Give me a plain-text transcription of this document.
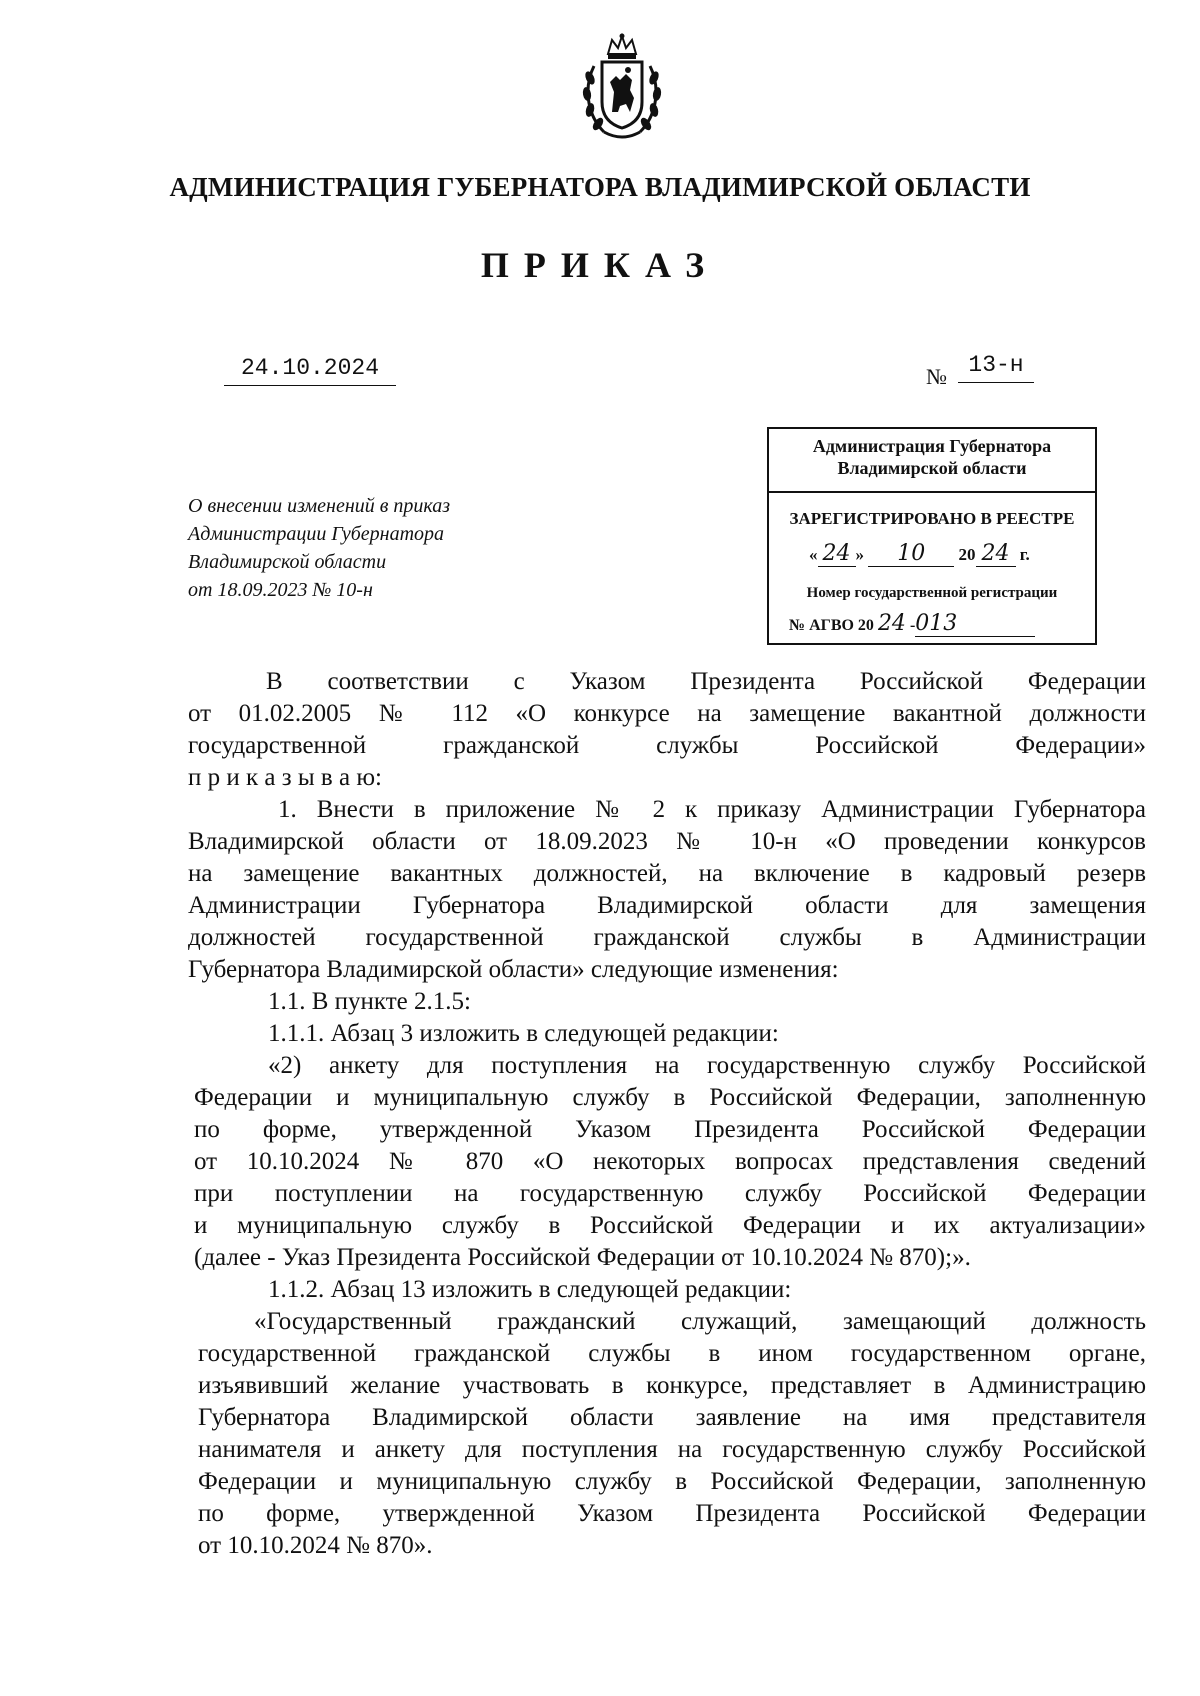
АДМИНИСТРАЦИЯ ГУБЕРНАТОРА ВЛАДИМИРСКОЙ ОБЛАСТИ
ПРИКАЗ
24.10.2024	№ 13-н
Администрация Губернатора
Владимирской области
ЗАРЕГИСТРИРОВАНО В РЕЕСТРЕ
« 24 » 10 20 24 г.
Номер государственной регистрации
№ АГВО 20 24 -013
О внесении изменений в приказ
Администрации Губернатора
Владимирской области
от 18.09.2023 № 10-н
В соответствии с Указом Президента Российской Федерации
от 01.02.2005 № 112 «О конкурсе на замещение вакантной должности
государственной гражданской службы Российской Федерации»
п р и к а з ы в а ю:
1. Внести в приложение № 2 к приказу Администрации Губернатора
Владимирской области от 18.09.2023 № 10-н «О проведении конкурсов
на замещение вакантных должностей, на включение в кадровый резерв
Администрации Губернатора Владимирской области для замещения
должностей государственной гражданской службы в Администрации
Губернатора Владимирской области» следующие изменения:
1.1. В пункте 2.1.5:
1.1.1. Абзац 3 изложить в следующей редакции:
«2) анкету для поступления на государственную службу Российской
Федерации и муниципальную службу в Российской Федерации, заполненную
по форме, утвержденной Указом Президента Российской Федерации
от 10.10.2024 № 870 «О некоторых вопросах представления сведений
при поступлении на государственную службу Российской Федерации
и муниципальную службу в Российской Федерации и их актуализации»
(далее - Указ Президента Российской Федерации от 10.10.2024 № 870);».
1.1.2. Абзац 13 изложить в следующей редакции:
«Государственный гражданский служащий, замещающий должность
государственной гражданской службы в ином государственном органе,
изъявивший желание участвовать в конкурсе, представляет в Администрацию
Губернатора Владимирской области заявление на имя представителя
нанимателя и анкету для поступления на государственную службу Российской
Федерации и муниципальную службу в Российской Федерации, заполненную
по форме, утвержденной Указом Президента Российской Федерации
от 10.10.2024 № 870».
